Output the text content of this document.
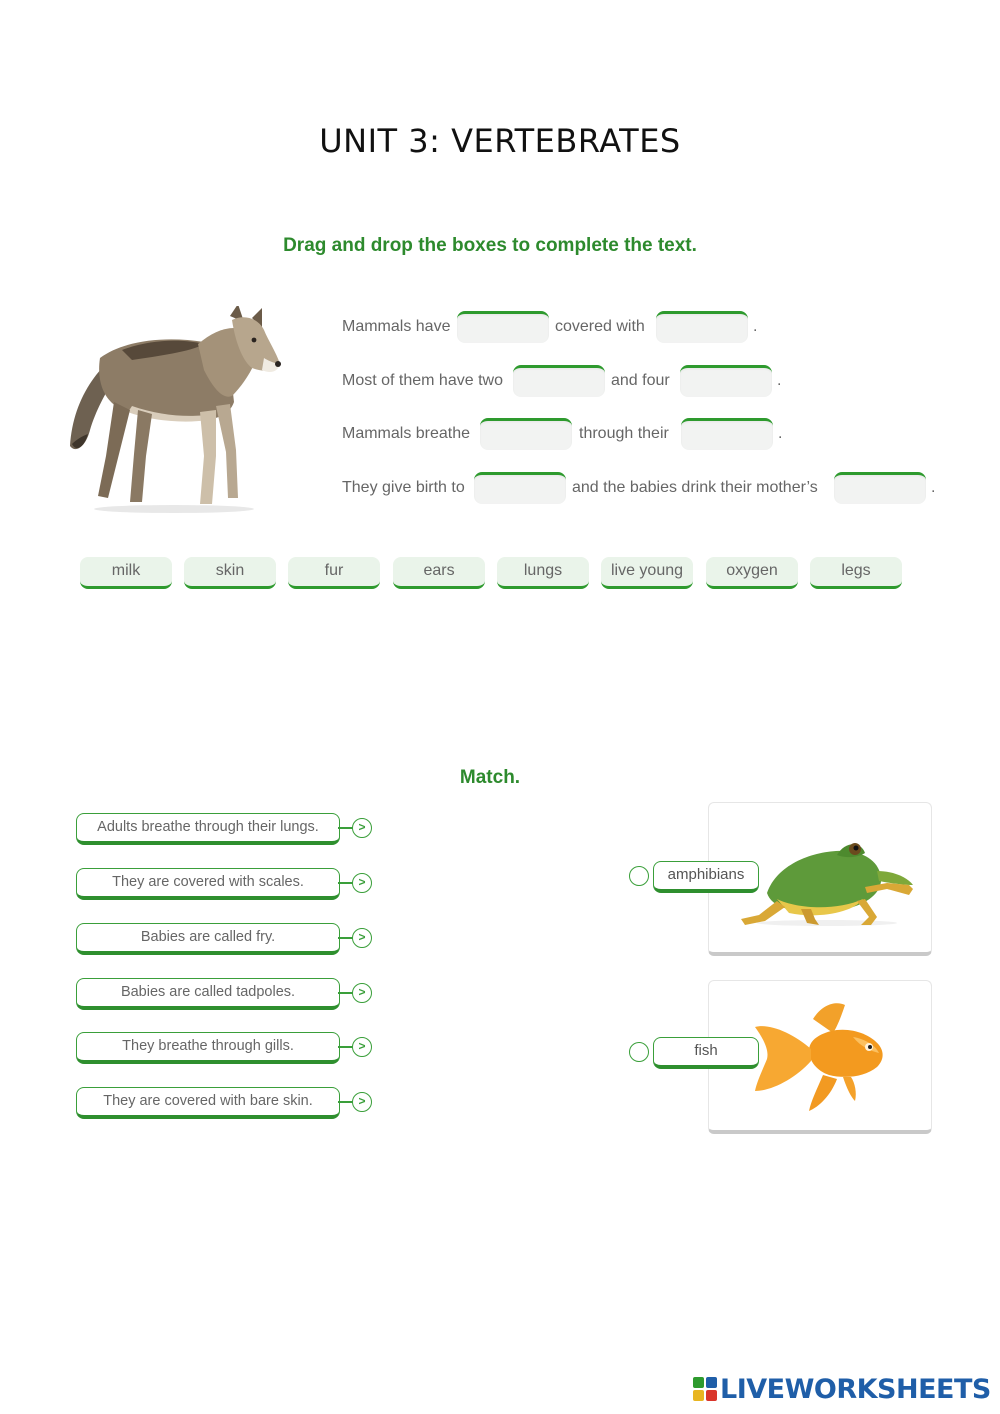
UNIT 3: VERTEBRATES
Drag and drop the boxes to complete the text.
Mammals have	covered with	.
Most of them have two	and four	.
Mammals breathe	through their	.
They give birth to	and the babies drink their mother’s	.
milk	skin	fur	ears	lungs	live young	oxygen	legs
Match.
Adults breathe through their lungs.	>
They are covered with scales.	>
Babies are called fry.	>
Babies are called tadpoles.	>
They breathe through gills.	>
They are covered with bare skin.	>
amphibians
fish
LIVEWORKSHEETS
